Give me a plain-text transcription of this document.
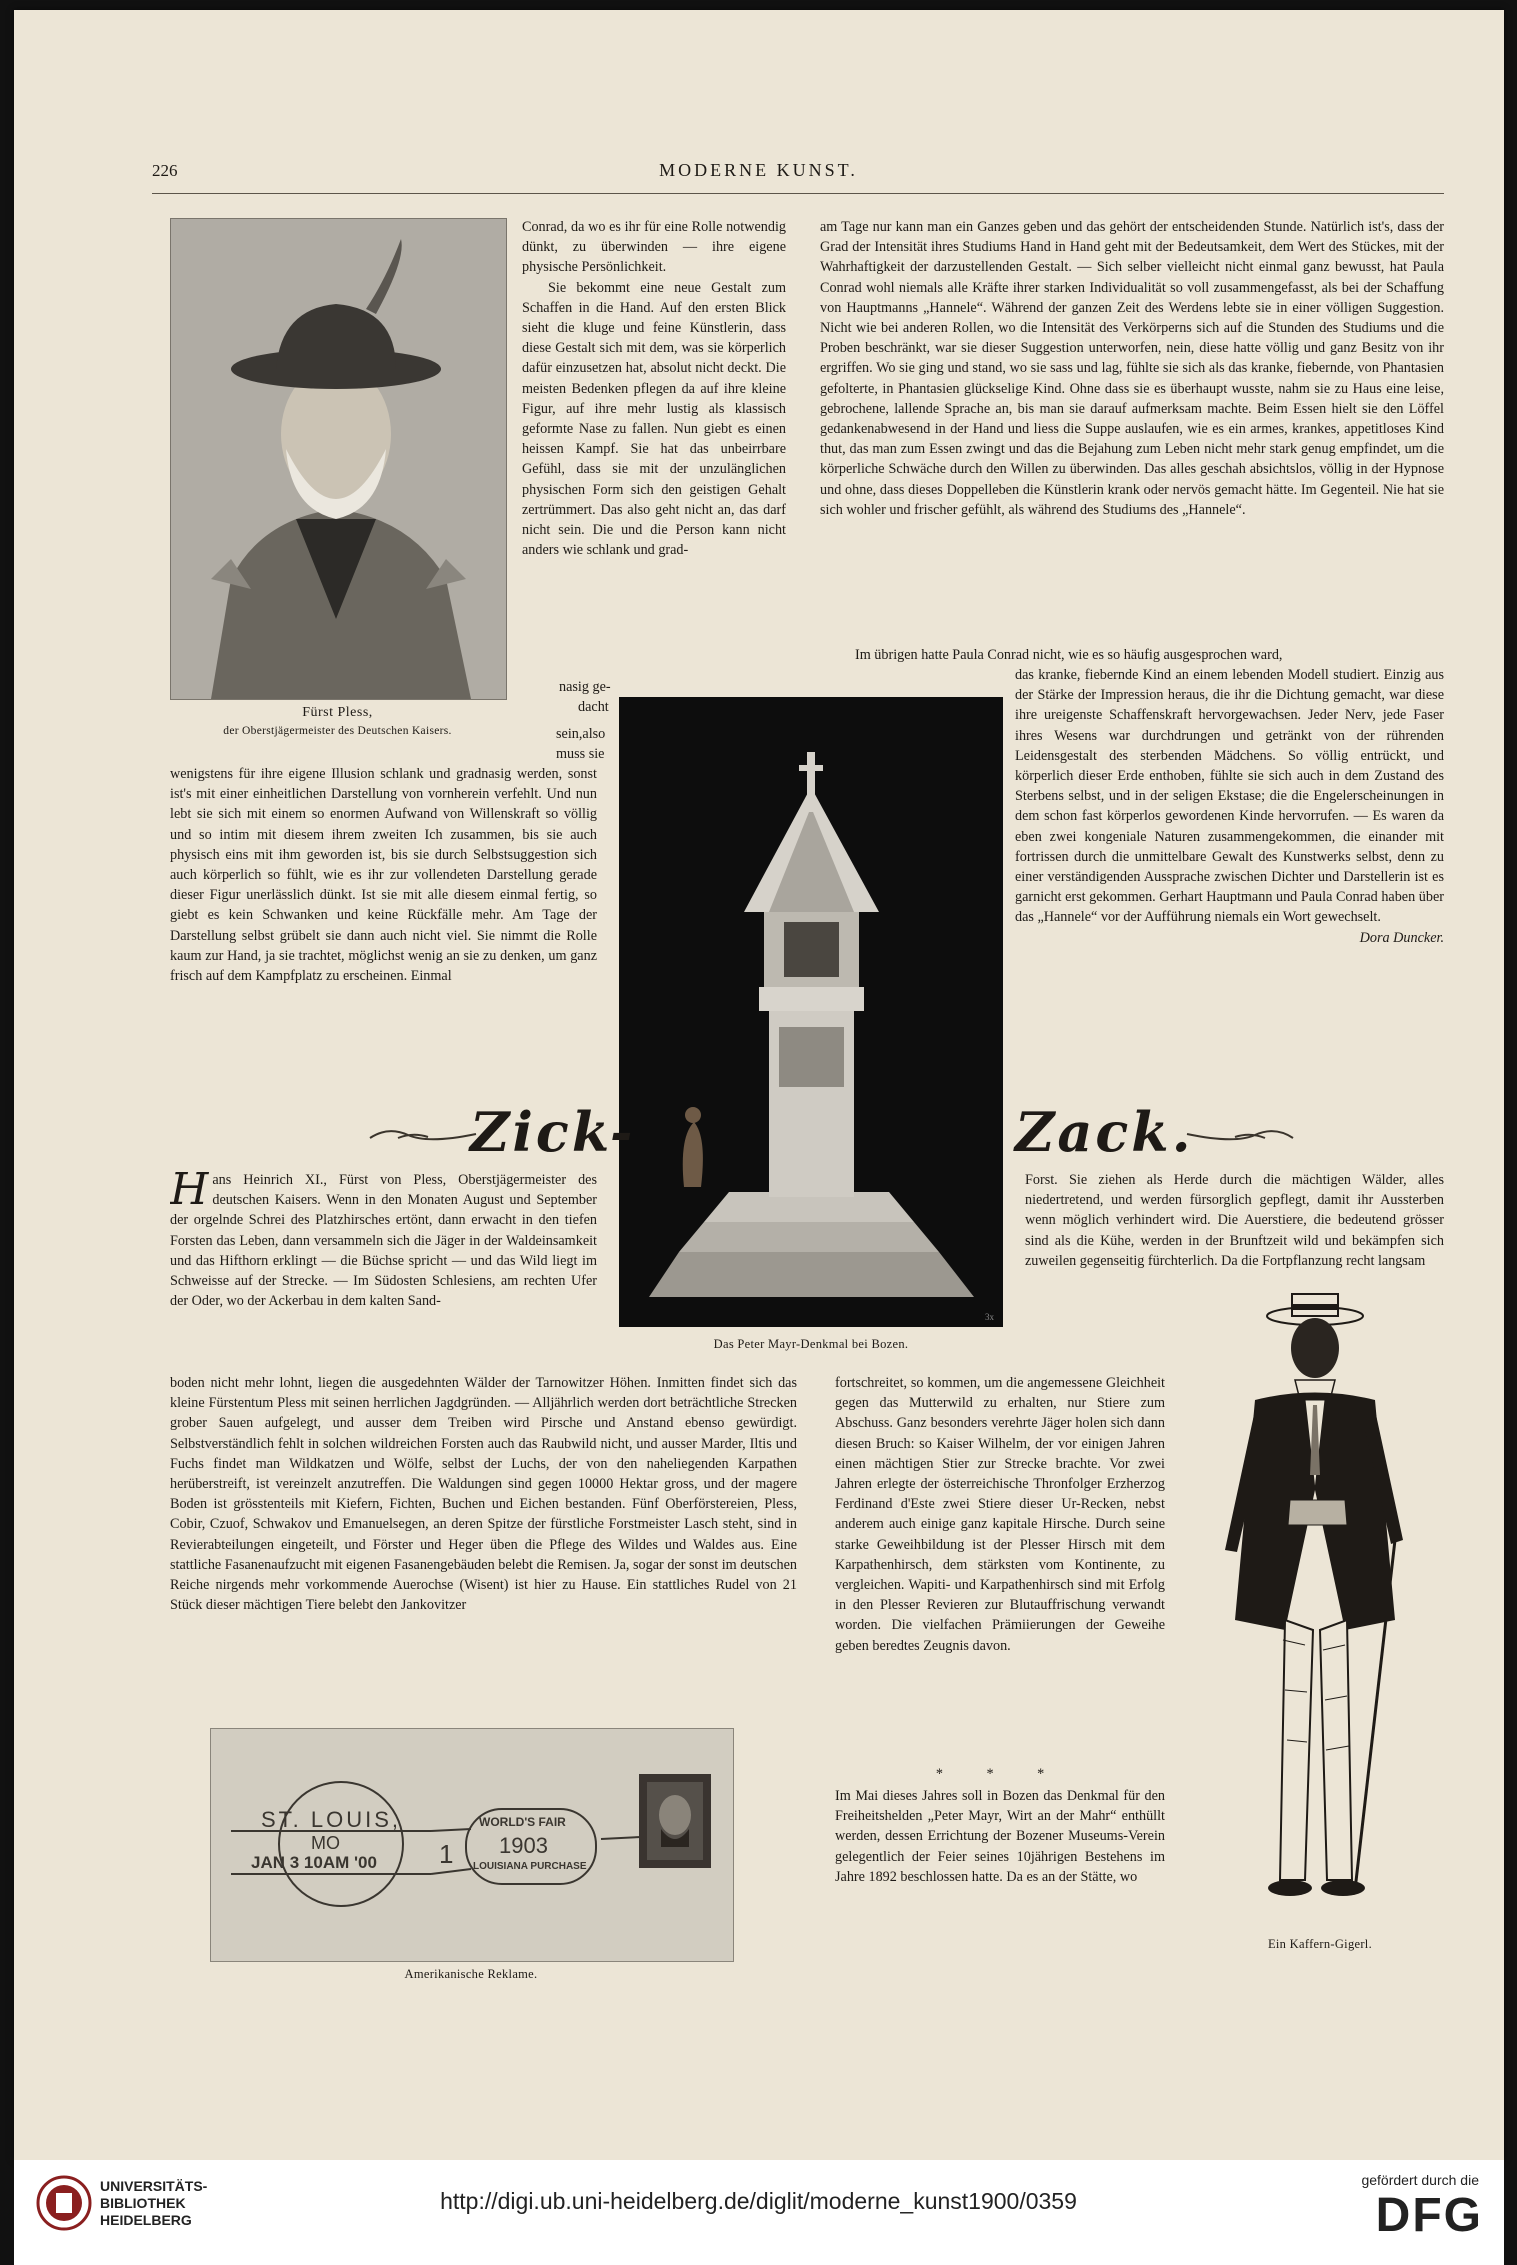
226	MODERNE KUNST.
Fürst Pless,
der Oberstjägermeister des Deutschen Kaisers.

Conrad, da wo es ihr für eine Rolle notwendig dünkt, zu überwinden — ihre eigene physische Persönlichkeit.

Sie bekommt eine neue Gestalt zum Schaffen in die Hand. Auf den ersten Blick sieht die kluge und feine Künstlerin, dass diese Gestalt sich mit dem, was sie körperlich dafür einzusetzen hat, absolut nicht deckt. Die meisten Bedenken pflegen da auf ihre kleine Figur, auf ihre mehr lustig als klassisch geformte Nase zu fallen. Nun giebt es einen heissen Kampf. Sie hat das unbeirrbare Gefühl, dass sie mit der unzulänglichen physischen Form sich den geistigen Gehalt zertrümmert. Das also geht nicht an, das darf nicht sein. Die und die Person kann nicht anders wie schlank und grad-

nasig ge-
dacht
sein,also
muss sie
wenigstens für ihre eigene Illusion schlank und gradnasig werden, sonst ist's mit einer einheitlichen Darstellung von vornherein verfehlt. Und nun lebt sie sich mit einem so enormen Aufwand von Willenskraft so völlig und so intim mit diesem ihrem zweiten Ich zusammen, bis sie auch physisch eins mit ihm geworden ist, bis sie durch Selbstsuggestion sich auch körperlich so fühlt, wie es ihr zur vollendeten Darstellung gerade dieser Figur unerlässlich dünkt. Ist sie mit alle diesem einmal fertig, so giebt es kein Schwanken und keine Rückfälle mehr. Am Tage der Darstellung selbst grübelt sie dann auch nicht viel. Sie nimmt die Rolle kaum zur Hand, ja sie trachtet, möglichst wenig an sie zu denken, um ganz frisch auf dem Kampfplatz zu erscheinen. Einmal
am Tage nur kann man ein Ganzes geben und das gehört der entscheidenden Stunde. Natürlich ist's, dass der Grad der Intensität ihres Studiums Hand in Hand geht mit der Bedeutsamkeit, dem Wert des Stückes, mit der Wahrhaftigkeit der darzustellenden Gestalt. — Sich selber vielleicht nicht einmal ganz bewusst, hat Paula Conrad wohl niemals alle Kräfte ihrer starken Individualität so voll zusammengefasst, als bei der Schaffung von Hauptmanns „Hannele“. Während der ganzen Zeit des Werdens lebte sie in einer völligen Suggestion. Nicht wie bei anderen Rollen, wo die Intensität des Verkörperns sich auf die Stunden des Studiums und die Proben beschränkt, war sie dieser Suggestion unterworfen, nein, diese hatte völlig und ganz Besitz von ihr ergriffen. Wo sie ging und stand, wo sie sass und lag, fühlte sie sich als das kranke, fiebernde, von Phantasien gefolterte, in Phantasien glückselige Kind. Ohne dass sie es überhaupt wusste, nahm sie zu Haus eine leise, gebrochene, lallende Sprache an, bis man sie darauf aufmerksam machte. Beim Essen hielt sie den Löffel gedankenabwesend in der Hand und liess die Suppe auslaufen, wie es ein armes, krankes, appetitloses Kind thut, das man zum Essen zwingt und das die Bejahung zum Leben nicht mehr stark genug empfindet, um die körperliche Schwäche durch den Willen zu überwinden. Das alles geschah absichtslos, völlig in der Hypnose und ohne, dass dieses Doppelleben die Künstlerin krank oder nervös gemacht hätte. Im Gegenteil. Nie hat sie sich wohler und frischer gefühlt, als während des Studiums des „Hannele“.
Im übrigen hatte Paula Conrad nicht, wie es so häufig ausgesprochen ward,
das kranke, fiebernde Kind an einem lebenden Modell studiert. Einzig aus der Stärke der Impression heraus, die ihr die Dichtung gemacht, war diese ihre ureigenste Schaffenskraft hervorgewachsen. Jeder Nerv, jede Faser ihres Wesens war durchdrungen und getränkt von der rührenden Leidensgestalt des sterbenden Mädchens. So völlig entrückt, und körperlich dieser Erde enthoben, fühlte sie sich auch in dem Zustand des Sterbens selbst, und in der seligen Ekstase; die die Engelerscheinungen in dem schon fast körperlos gewordenen Kinde hervorrufen. — Es waren da eben zwei kongeniale Naturen zusammengekommen, die einander mit fortrissen durch die unmittelbare Gewalt des Kunstwerks selbst, denn zu einer verständigenden Aussprache zwischen Dichter und Darstellerin ist es garnicht erst gekommen. Gerhart Hauptmann und Paula Conrad haben über das „Hannele“ vor der Aufführung niemals ein Wort gewechselt.
Dora Duncker.
3x
Das Peter Mayr-Denkmal bei Bozen.
Zick-	Zack.
H ans Heinrich XI., Fürst von Pless, Oberstjägermeister des deutschen Kaisers. Wenn in den Monaten August und September der orgelnde Schrei des Platzhirsches ertönt, dann erwacht in den tiefen Forsten das Leben, dann versammeln sich die Jäger in der Waldeinsamkeit und das Hifthorn erklingt — die Büchse spricht — und das Wild liegt im Schweisse auf der Strecke. — Im Südosten Schlesiens, am rechten Ufer der Oder, wo der Ackerbau in dem kalten Sand-
boden nicht mehr lohnt, liegen die ausgedehnten Wälder der Tarnowitzer Höhen. Inmitten findet sich das kleine Fürstentum Pless mit seinen herrlichen Jagdgründen. — Alljährlich werden dort beträchtliche Strecken grober Sauen aufgelegt, und ausser dem Treiben wird Pirsche und Anstand ebenso gewürdigt. Selbstverständlich fehlt in solchen wildreichen Forsten auch das Raubwild nicht, und ausser Marder, Iltis und Fuchs findet man Wildkatzen und Wölfe, selbst der Luchs, der von den naheliegenden Karpathen herüberstreift, ist vereinzelt anzutreffen. Die Waldungen sind gegen 10000 Hektar gross, und der magere Boden ist grösstenteils mit Kiefern, Fichten, Buchen und Eichen bestanden. Fünf Oberförstereien, Pless, Cobir, Czuof, Schwakov und Emanuelsegen, an deren Spitze der fürstliche Forstmeister Lasch steht, sind in Revierabteilungen eingeteilt, und Förster und Heger üben die Pflege des Wildes und Waldes aus. Eine stattliche Fasanenaufzucht mit eigenen Fasanengebäuden belebt die Remisen. Ja, sogar der sonst im deutschen Reiche nirgends mehr vorkommende Auerochse (Wisent) ist hier zu Hause. Ein stattliches Rudel von 21 Stück dieser mächtigen Tiere belebt den Jankovitzer
Forst. Sie ziehen als Herde durch die mächtigen Wälder, alles niedertretend, und werden fürsorglich gepflegt, damit ihr Aussterben wenn möglich verhindert wird. Die Auerstiere, die bedeutend grösser sind als die Kühe, werden in der Brunftzeit wild und bekämpfen sich zuweilen gegenseitig fürchterlich. Da die Fortpflanzung recht langsam
fortschreitet, so kommen, um die angemessene Gleichheit gegen das Mutterwild zu erhalten, nur Stiere zum Abschuss. Ganz besonders verehrte Jäger holen sich dann diesen Bruch: so Kaiser Wilhelm, der vor einigen Jahren einen mächtigen Stier zur Strecke brachte. Vor zwei Jahren erlegte der österreichische Thronfolger Erzherzog Ferdinand d'Este zwei Stiere dieser Ur-Recken, nebst anderem auch einige ganz kapitale Hirsche. Durch seine starke Geweihbildung ist der Plesser Hirsch mit dem Karpathenhirsch, dem stärksten vom Kontinente, zu vergleichen. Wapiti- und Karpathenhirsch sind mit Erfolg in den Plesser Revieren zur Blutauffrischung verwandt worden. Die vielfachen Prämiierungen der Geweihe geben beredtes Zeugnis davon.
* * *
Im Mai dieses Jahres soll in Bozen das Denkmal für den Freiheitshelden „Peter Mayr, Wirt an der Mahr“ enthüllt werden, dessen Errichtung der Bozener Museums-Verein gelegentlich der Feier seines 10jährigen Bestehens im Jahre 1892 beschlossen hatte. Da es an der Stätte, wo
Ein Kaffern-Gigerl.
ST. LOUIS,
MO
JAN 3 10AM '00 1
WORLD'S FAIR
1903
LOUISIANA PURCHASE
Amerikanische Reklame.
UNIVERSITÄTS-
BIBLIOTHEK
HEIDELBERG
http://digi.ub.uni-heidelberg.de/diglit/moderne_kunst1900/0359
gefördert durch die
DFG
